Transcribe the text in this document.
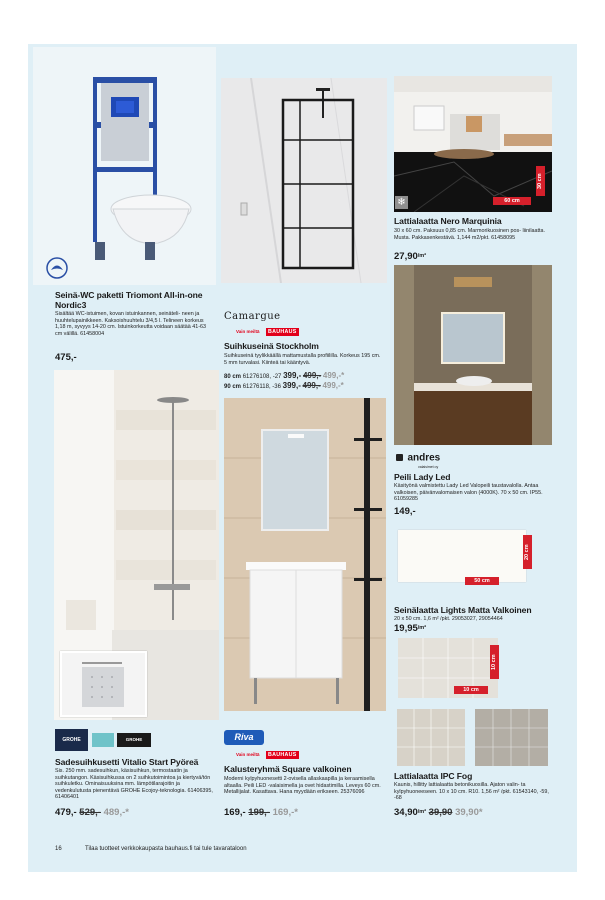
Seinä-WC paketti Triomont All-in-one Nordic3
Sisältää WC-istuimen, kovan istuinkannen, seinäteli- neen ja huuhtelupainikkeen. Kaksoishuuhtelu 3/4,5 l. Telineen korkeus 1,18 m, syvyys 14-20 cm. Istuinkorkeutta voidaan säätää 41-63 cm välillä. 61458004
475,-
Camargue
BAUHAUS
Vain meiltä
Suihkuseinä Stockholm
Suihkuseinä tyylikkäällä mattamustalla profiililla. Korkeus 195 cm. 5 mm turvalasi. Kiinteä tai kääntyvä.
80 cm 61276108, -27 399,- 499,- 499,-*
90 cm 61276118, -36 399,- 499,- 499,-*
60 cm
30 cm
❄
Lattialaatta Nero Marquinia
30 x 60 cm. Paksuus 0,85 cm. Marmorikuosinen pos- liinilaatta. Musta. Pakkasenkestävä. 1,144 m2/pkt. 61458095
$27,90^{/m^2}$
andres
valaisimet oy
Peili Lady Led
Käsityönä valmistettu Lady Led Valopeili taustavalolla. Antaa valkoisen, päivänvalomaisen valon (4000K). 70 x 50 cm. IP55. 61059285
149,-
50 cm
20 cm
Seinälaatta Lights Matta Valkoinen
20 x 50 cm. 1,6 m² /pkt. 29053027, 29054464
$19,95^{/m^2}$
10 cm
10 cm
Lattialaatta IPC Fog
Kaunis, hillitty lattialaatta betonikuosilla. Ajaton valin- ta kylpyhuoneeseen. 10 x 10 cm. R10. 1,56 m² /pkt. 61543140, -59, -68
$34,90^{/m^2}$ 39,90 39,90*
GROHE	GROHE
Sadesuihkusetti Vitalio Start Pyöreä
Sis. 250 mm. sadesuihkun, käsisuihkun, termostaatin ja suihkutangon. Käsisuihkussa on 2 suihkutoimintoa ja kiertyvä/tön suihkuletku. Ominaisuuksina mm. lämpötilarajoitin ja vedenkulutusta pienentävä GROHE Ecojoy-teknologia. 61406395, 61406401
479,- 529,- 489,-*
Riva
Vain meiltä	BAUHAUS
Kalusteryhmä Square valkoinen
Moderni kylpyhuonesetti 2-ovisella allaskaapilla ja keraamisella altaalla. Peili LED -valaisimella ja ovet hidastimilla. Leveys 60 cm. Metallijalat. Kasattava. Hana myydään erikseen. 25376096
169,- 199,- 169,-*
16	Tilaa tuotteet verkkokaupasta bauhaus.fi tai tule tavarataloon
